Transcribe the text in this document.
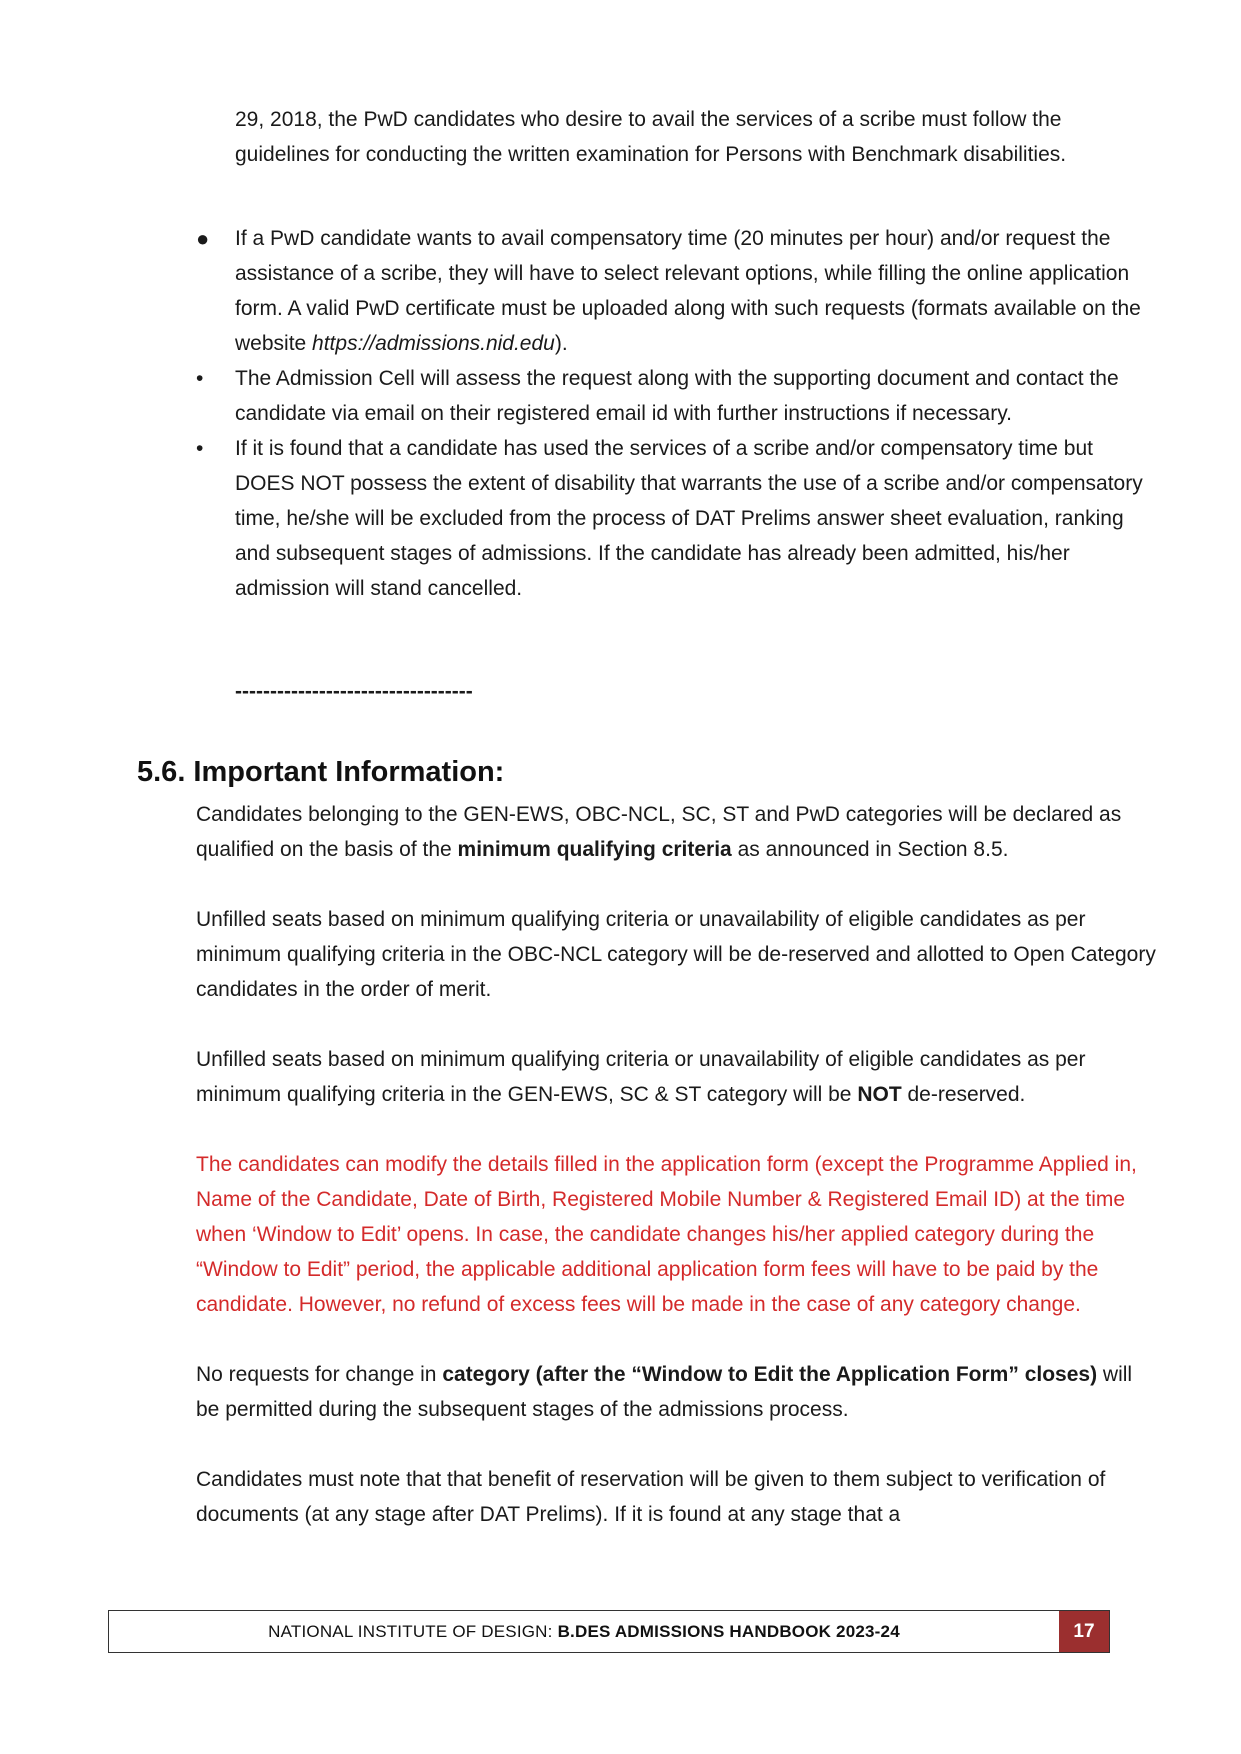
29, 2018, the PwD candidates who desire to avail the services of a scribe must follow the guidelines for conducting the written examination for Persons with Benchmark disabilities.

●	If a PwD candidate wants to avail compensatory time (20 minutes per hour) and/or request the assistance of a scribe, they will have to select relevant options, while filling the online application form. A valid PwD certificate must be uploaded along with such requests (formats available on the website https://admissions.nid.edu).
•	The Admission Cell will assess the request along with the supporting document and contact the candidate via email on their registered email id with further instructions if necessary.
•	If it is found that a candidate has used the services of a scribe and/or compensatory time but DOES NOT possess the extent of disability that warrants the use of a scribe and/or compensatory time, he/she will be excluded from the process of DAT Prelims answer sheet evaluation, ranking and subsequent stages of admissions. If the candidate has already been admitted, his/her admission will stand cancelled.

----------------------------------

5.6. Important Information:

Candidates belonging to the GEN-EWS, OBC-NCL, SC, ST and PwD categories will be declared as qualified on the basis of the minimum qualifying criteria as announced in Section 8.5.

Unfilled seats based on minimum qualifying criteria or unavailability of eligible candidates as per minimum qualifying criteria in the OBC-NCL category will be de-reserved and allotted to Open Category candidates in the order of merit.

Unfilled seats based on minimum qualifying criteria or unavailability of eligible candidates as per minimum qualifying criteria in the GEN-EWS, SC & ST category will be NOT de-reserved.

The candidates can modify the details filled in the application form (except the Programme Applied in, Name of the Candidate, Date of Birth, Registered Mobile Number & Registered Email ID) at the time when ‘Window to Edit’ opens. In case, the candidate changes his/her applied category during the “Window to Edit” period, the applicable additional application form fees will have to be paid by the candidate. However, no refund of excess fees will be made in the case of any category change.

No requests for change in category (after the “Window to Edit the Application Form” closes) will be permitted during the subsequent stages of the admissions process.

Candidates must note that that benefit of reservation will be given to them subject to verification of documents (at any stage after DAT Prelims). If it is found at any stage that a

NATIONAL INSTITUTE OF DESIGN: B.DES ADMISSIONS HANDBOOK 2023-24	17
